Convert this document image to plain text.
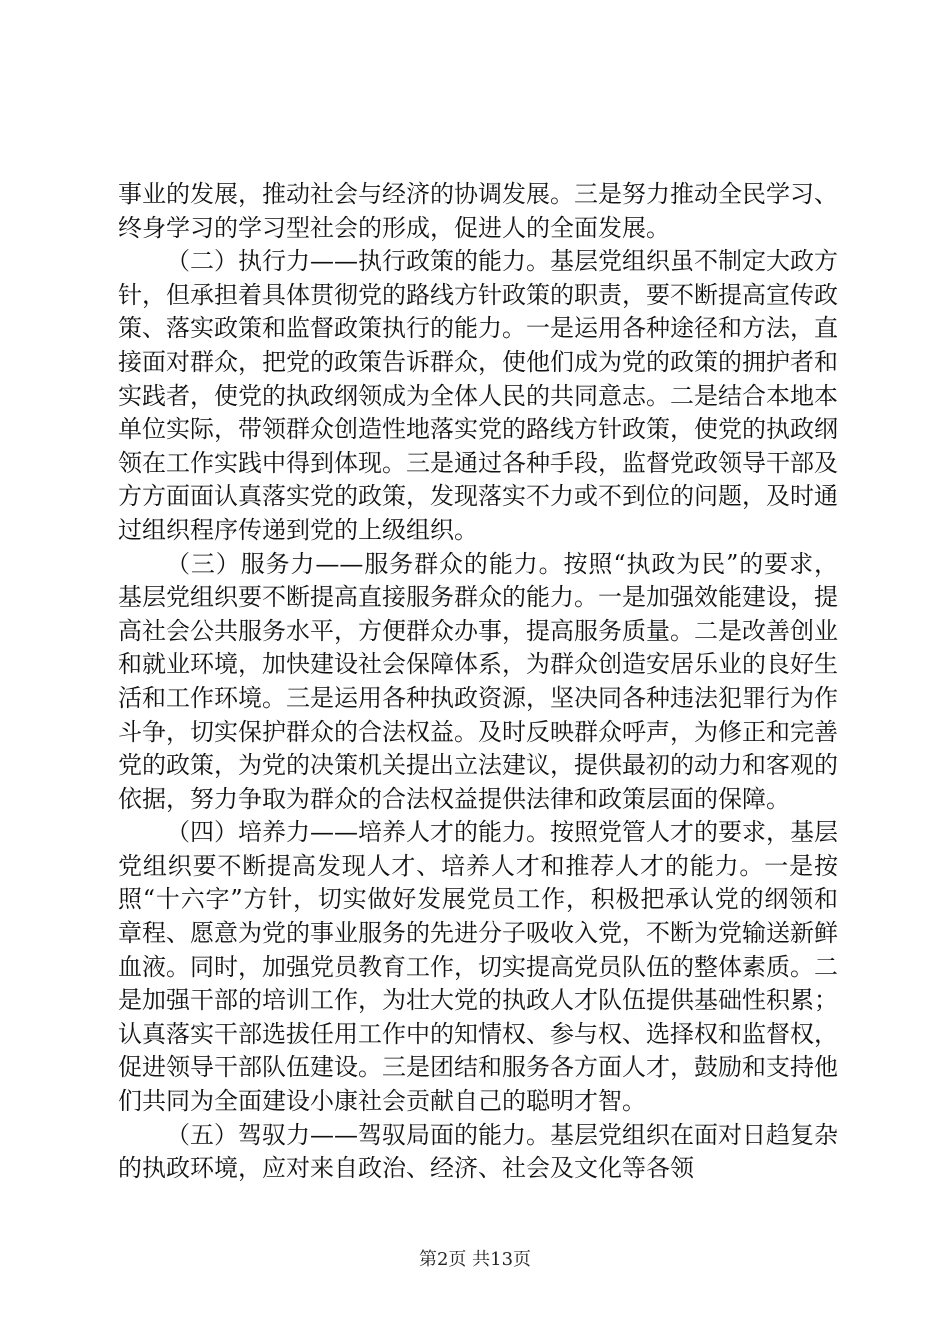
事业的发展，推动社会与经济的协调发展。三是努力推动全民学习、终身学习的学习型社会的形成，促进人的全面发展。

（二）执行力——执行政策的能力。基层党组织虽不制定大政方针，但承担着具体贯彻党的路线方针政策的职责，要不断提高宣传政策、落实政策和监督政策执行的能力。一是运用各种途径和方法，直接面对群众，把党的政策告诉群众，使他们成为党的政策的拥护者和实践者，使党的执政纲领成为全体人民的共同意志。二是结合本地本单位实际，带领群众创造性地落实党的路线方针政策，使党的执政纲领在工作实践中得到体现。三是通过各种手段，监督党政领导干部及方方面面认真落实党的政策，发现落实不力或不到位的问题，及时通过组织程序传递到党的上级组织。

（三）服务力——服务群众的能力。按照“执政为民”的要求，基层党组织要不断提高直接服务群众的能力。一是加强效能建设，提高社会公共服务水平，方便群众办事，提高服务质量。二是改善创业和就业环境，加快建设社会保障体系，为群众创造安居乐业的良好生活和工作环境。三是运用各种执政资源，坚决同各种违法犯罪行为作斗争，切实保护群众的合法权益。及时反映群众呼声，为修正和完善党的政策，为党的决策机关提出立法建议，提供最初的动力和客观的依据，努力争取为群众的合法权益提供法律和政策层面的保障。

（四）培养力——培养人才的能力。按照党管人才的要求，基层党组织要不断提高发现人才、培养人才和推荐人才的能力。一是按照“十六字”方针，切实做好发展党员工作，积极把承认党的纲领和章程、愿意为党的事业服务的先进分子吸收入党，不断为党输送新鲜血液。同时，加强党员教育工作，切实提高党员队伍的整体素质。二是加强干部的培训工作，为壮大党的执政人才队伍提供基础性积累；认真落实干部选拔任用工作中的知情权、参与权、选择权和监督权，促进领导干部队伍建设。三是团结和服务各方面人才，鼓励和支持他们共同为全面建设小康社会贡献自己的聪明才智。

（五）驾驭力——驾驭局面的能力。基层党组织在面对日趋复杂的执政环境，应对来自政治、经济、社会及文化等各领

第2页 共13页
